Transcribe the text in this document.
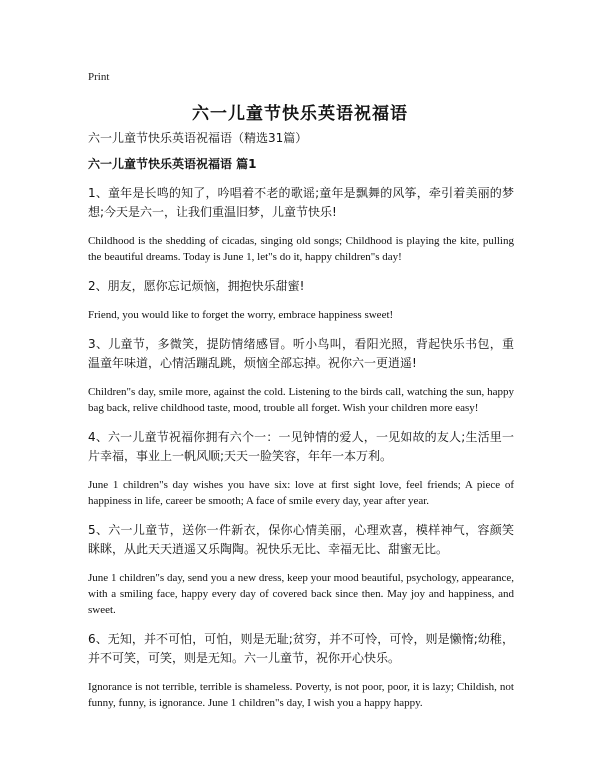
Print
六一儿童节快乐英语祝福语

六一儿童节快乐英语祝福语（精选31篇）

六一儿童节快乐英语祝福语 篇1

1、童年是长鸣的知了，吟唱着不老的歌谣;童年是飘舞的风筝，牵引着美丽的梦想;今天是六一，让我们重温旧梦，儿童节快乐!

Childhood is the shedding of cicadas, singing old songs; Childhood is playing the kite, pulling the beautiful dreams. Today is June 1, let"s do it, happy children"s day!

2、朋友，愿你忘记烦恼，拥抱快乐甜蜜!

Friend, you would like to forget the worry, embrace happiness sweet!

3、儿童节，多微笑，提防情绪感冒。听小鸟叫，看阳光照，背起快乐书包，重温童年味道，心情活蹦乱跳，烦恼全部忘掉。祝你六一更逍遥!

Children"s day, smile more, against the cold. Listening to the birds call, watching the sun, happy bag back, relive childhood taste, mood, trouble all forget. Wish your children more easy!

4、六一儿童节祝福你拥有六个一：一见钟情的爱人，一见如故的友人;生活里一片幸福，事业上一帆风顺;天天一脸笑容，年年一本万利。

June 1 children"s day wishes you have six: love at first sight love, feel friends; A piece of happiness in life, career be smooth; A face of smile every day, year after year.

5、六一儿童节，送你一件新衣，保你心情美丽，心理欢喜，模样神气，容颜笑眯眯，从此天天逍遥又乐陶陶。祝快乐无比、幸福无比、甜蜜无比。

June 1 children"s day, send you a new dress, keep your mood beautiful, psychology, appearance, with a smiling face, happy every day of covered back since then. May joy and happiness, and sweet.

6、无知，并不可怕，可怕，则是无耻;贫穷，并不可怜，可怜，则是懒惰;幼稚，并不可笑，可笑，则是无知。六一儿童节，祝你开心快乐。

Ignorance is not terrible, terrible is shameless. Poverty, is not poor, poor, it is lazy; Childish, not funny, funny, is ignorance. June 1 children"s day, I wish you a happy happy.
